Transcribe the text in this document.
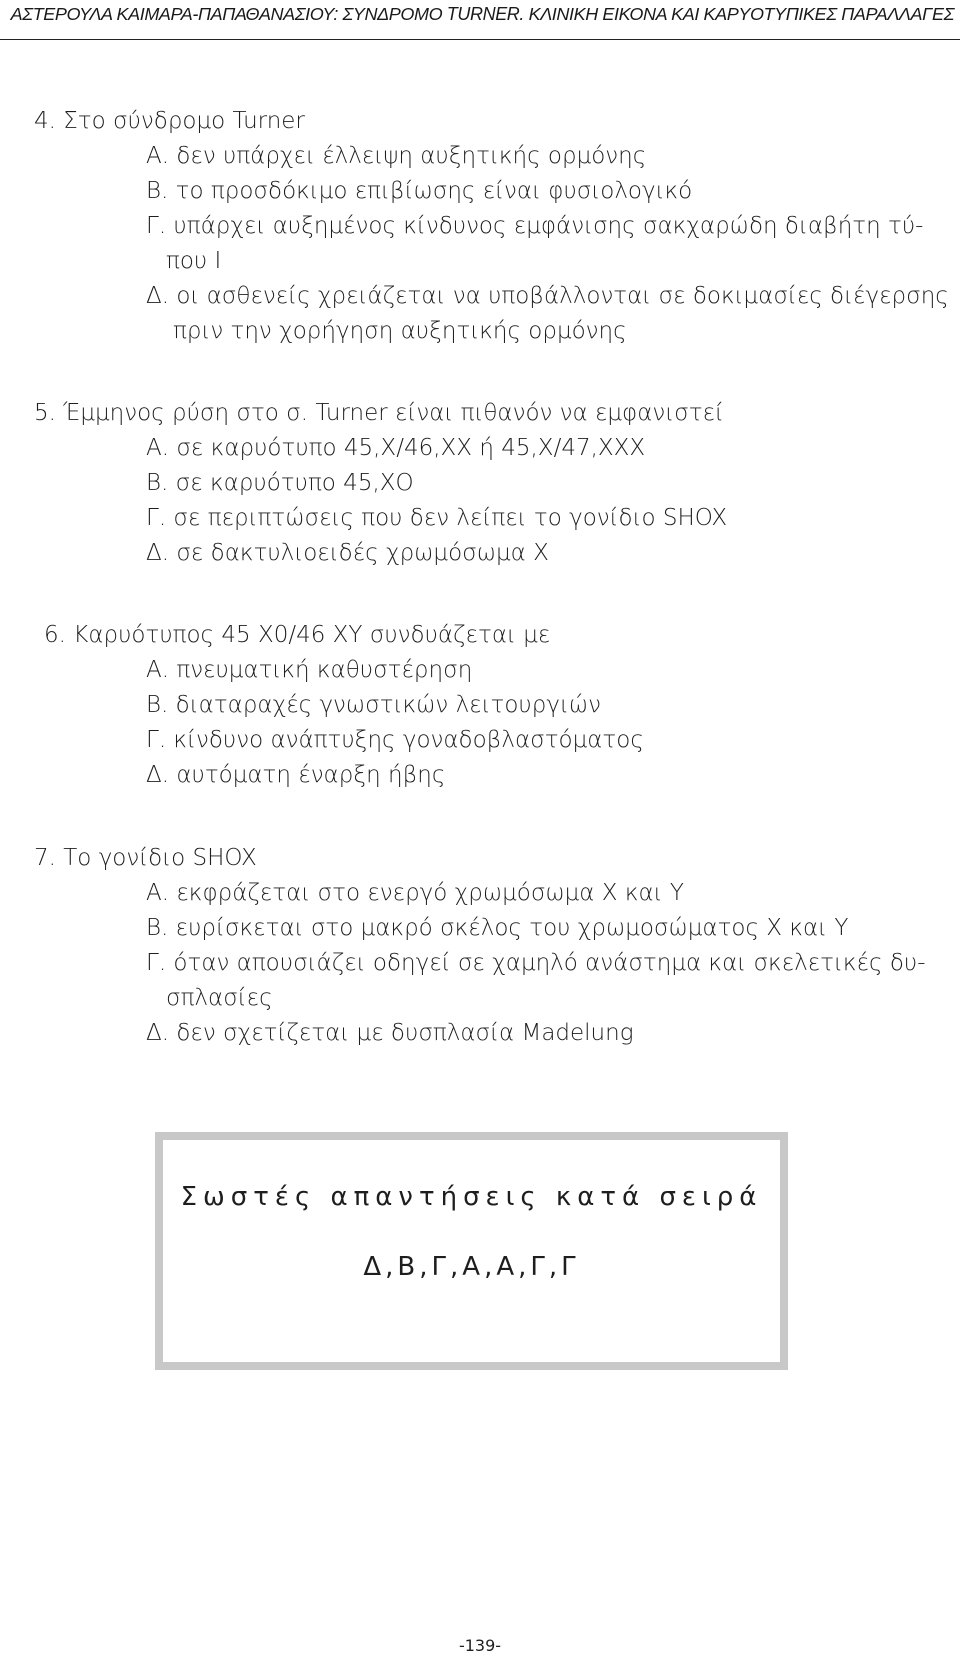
ΑΣΤΕΡΟΥΛΑ ΚΑΙΜΑΡΑ-ΠΑΠΑΘΑΝΑΣΙΟΥ: ΣΥΝΔΡΟΜΟ TURNER. ΚΛΙΝΙΚΗ ΕΙΚΟΝΑ ΚΑΙ ΚΑΡΥΟΤΥΠΙΚΕΣ ΠΑΡΑΛΛΑΓΕΣ
4. Στο σύνδρομο Turner
Α. δεν υπάρχει έλλειψη αυξητικής ορμόνης
Β. το προσδόκιμο επιβίωσης είναι φυσιολογικό
Γ. υπάρχει αυξημένος κίνδυνος εμφάνισης σακχαρώδη διαβήτη τύ-
που Ι
Δ. οι ασθενείς χρειάζεται να υποβάλλονται σε δοκιμασίες διέγερσης
πριν την χορήγηση αυξητικής ορμόνης
5. Έμμηνος ρύση στο σ. Turner είναι πιθανόν να εμφανιστεί
Α. σε καρυότυπο 45,Χ/46,ΧΧ ή 45,Χ/47,ΧΧΧ
Β. σε καρυότυπο 45,ΧΟ
Γ. σε περιπτώσεις που δεν λείπει το γονίδιο SHOX
Δ. σε δακτυλιοειδές χρωμόσωμα Χ
6. Καρυότυπος 45 Χ0/46 ΧΥ συνδυάζεται με
Α. πνευματική καθυστέρηση
Β. διαταραχές γνωστικών λειτουργιών
Γ. κίνδυνο ανάπτυξης γοναδοβλαστόματος
Δ. αυτόματη έναρξη ήβης
7. Το γονίδιο SHOX
Α. εκφράζεται στο ενεργό χρωμόσωμα Χ και Υ
Β. ευρίσκεται στο μακρό σκέλος του χρωμοσώματος Χ και Υ
Γ. όταν απουσιάζει οδηγεί σε χαμηλό ανάστημα και σκελετικές δυ-
σπλασίες
Δ. δεν σχετίζεται με δυσπλασία Madelung
Σωστές απαντήσεις κατά σειρά
Δ,Β,Γ,Α,Α,Γ,Γ
-139-
